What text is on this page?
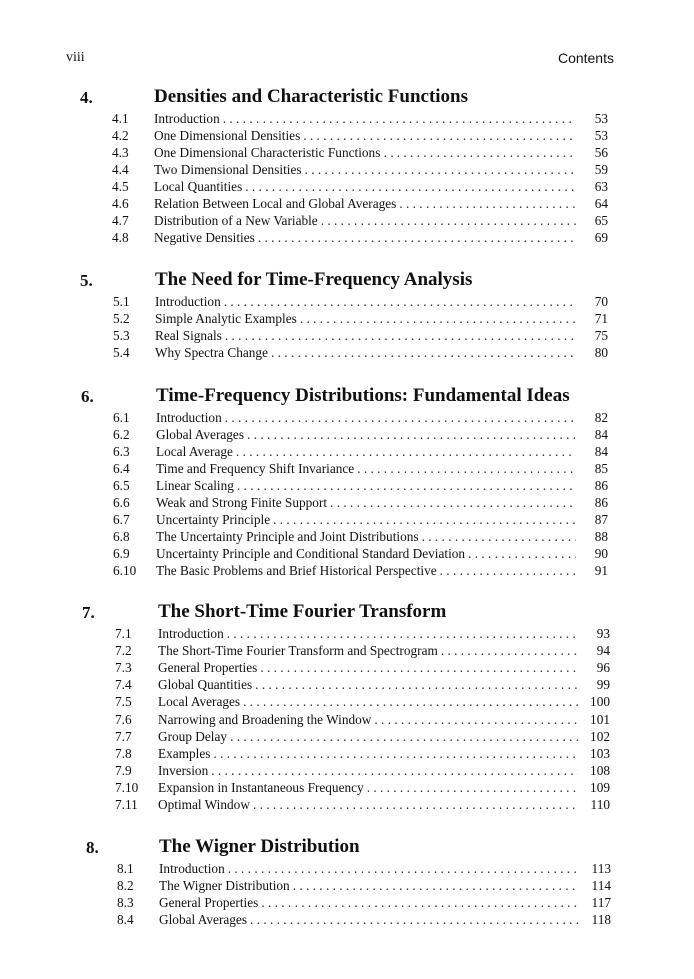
viii	Contents
4.	Densities and Characteristic Functions
4.1 Introduction . . .	53
4.2 One Dimensional Densities . . .	53
4.3 One Dimensional Characteristic Functions . . . . .	56
4.4 Two Dimensional Densities . . .	59
4.5 Local Quantities . . .	63
4.6 Relation Between Local and Global Averages . . .	64
4.7 Distribution of a New Variable . . .	65
4.8 Negative Densities . . .	69
5.	The Need for Time-Frequency Analysis
5.1 Introduction . . .	70
5.2 Simple Analytic Examples . . .	71
5.3 Real Signals . . .	75
5.4 Why Spectra Change . . .	80
6.	Time-Frequency Distributions: Fundamental Ideas
6.1 Introduction . . .	82
6.2 Global Averages . . .	84
6.3 Local Average . . .	84
6.4 Time and Frequency Shift Invariance . . .	85
6.5 Linear Scaling . . .	86
6.6 Weak and Strong Finite Support . . .	86
6.7 Uncertainty Principle . . .	87
6.8 The Uncertainty Principle and Joint Distributions . . .	88
6.9 Uncertainty Principle and Conditional Standard Deviation . . .	90
6.10 The Basic Problems and Brief Historical Perspective . . .	91
7.	The Short-Time Fourier Transform
7.1 Introduction . . .	93
7.2 The Short-Time Fourier Transform and Spectrogram . . .	94
7.3 General Properties . . .	96
7.4 Global Quantities . . .	99
7.5 Local Averages . . .	100
7.6 Narrowing and Broadening the Window . . .	101
7.7 Group Delay . . .	102
7.8 Examples . . .	103
7.9 Inversion . . .	108
7.10 Expansion in Instantaneous Frequency . . .	109
7.11 Optimal Window . . .	110
8.	The Wigner Distribution
8.1 Introduction . . .	113
8.2 The Wigner Distribution . . .	114
8.3 General Properties . . .	117
8.4 Global Averages . . .	118
